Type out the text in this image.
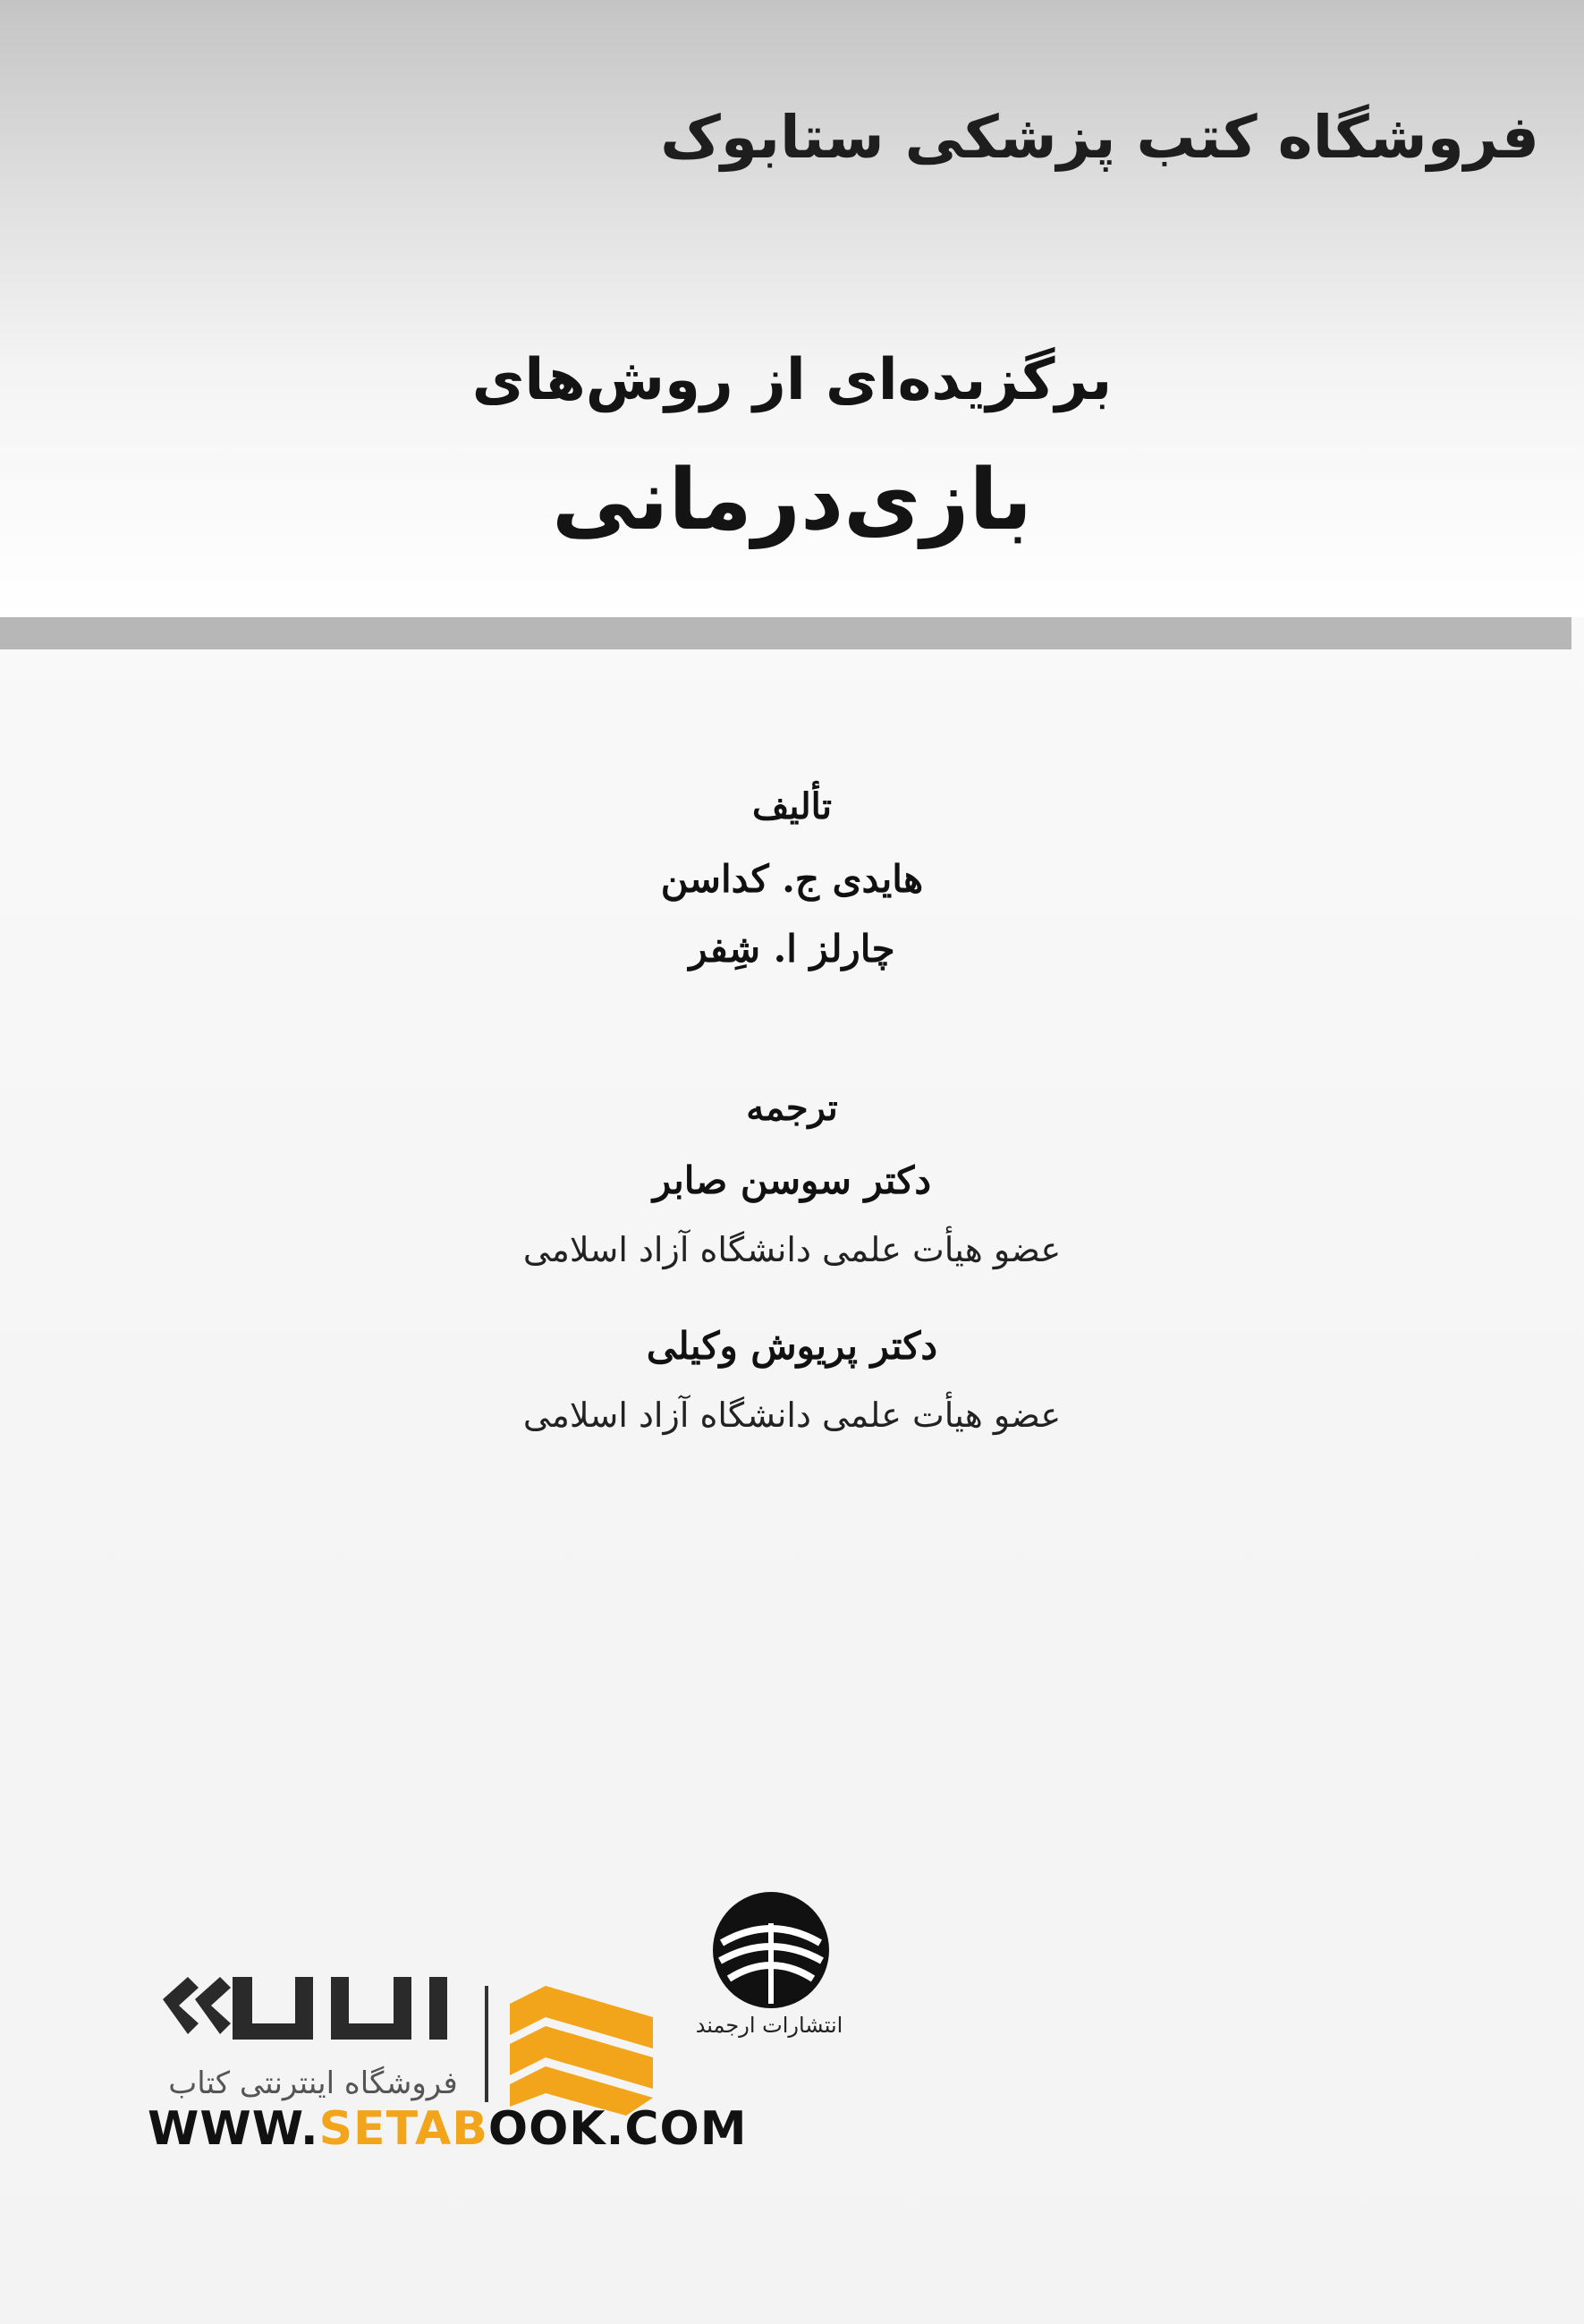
فروشگاه کتب پزشکی ستابوک
برگزیده‌ای از روش‌های
بازی‌درمانی
تألیف
هایدی ج. کداسن
چارلز ا. شِفر
ترجمه
دکتر سوسن صابر
عضو هیأت علمی دانشگاه آزاد اسلامی
دکتر پریوش وکیلی
عضو هیأت علمی دانشگاه آزاد اسلامی
فروشگاه اینترنتی کتاب
WWW.SETABOOK.COM
انتشارات ارجمند
